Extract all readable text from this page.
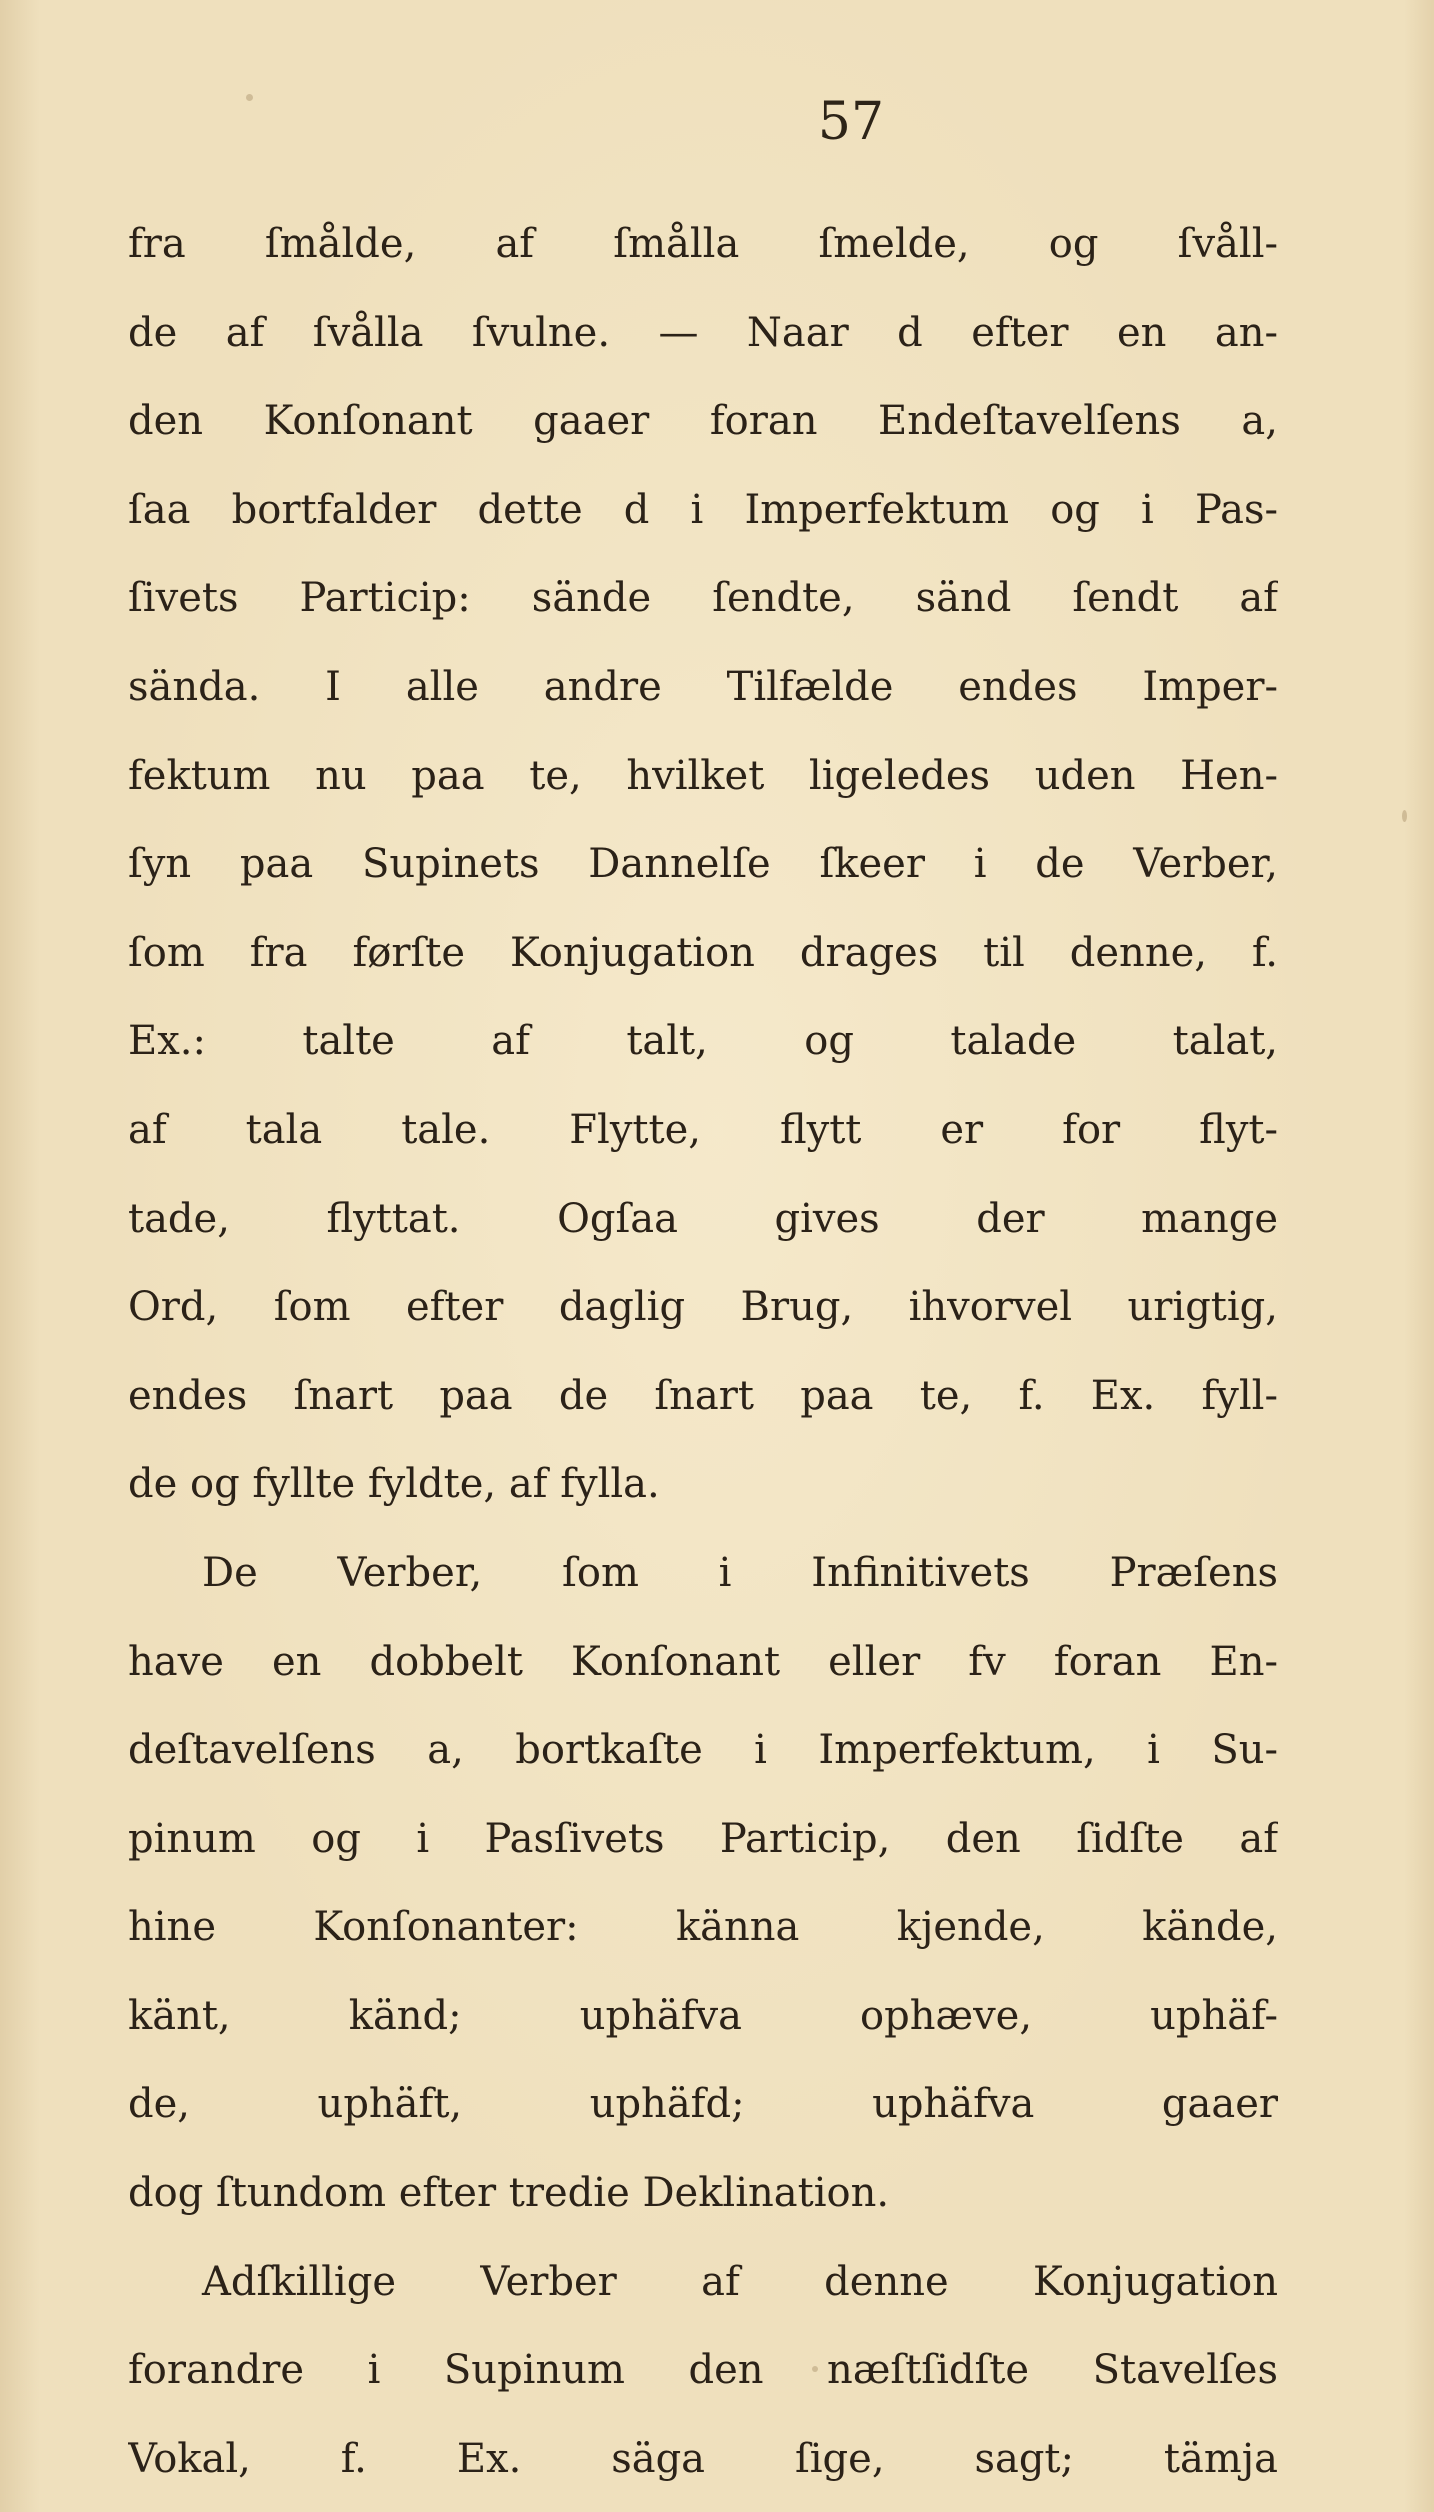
57
fra ſmålde, af ſmålla ſmelde, og ſvåll-
de af ſvålla ſvulne. — Naar d efter en an-
den Konſonant gaaer foran Endeſtavelſens a,
ſaa bortfalder dette d i Imperfektum og i Pas-
ſivets Particip: sände ſendte, sänd ſendt af
sända. I alle andre Tilfælde endes Imper-
fektum nu paa te, hvilket ligeledes uden Hen-
ſyn paa Supinets Dannelſe ſkeer i de Verber,
ſom fra førſte Konjugation drages til denne, f.
Ex.: talte af talt, og talade talat,
af tala tale. Flytte, flytt er for flyt-
tade, flyttat. Ogſaa gives der mange
Ord, ſom efter daglig Brug, ihvorvel urigtig,
endes ſnart paa de ſnart paa te, f. Ex. fyll-
de og fyllte fyldte, af fylla.
De Verber, ſom i Infinitivets Præſens
have en dobbelt Konſonant eller fv foran En-
deſtavelſens a, bortkaſte i Imperfektum, i Su-
pinum og i Pasſivets Particip, den ſidſte af
hine Konſonanter: känna kjende, kände,
känt, känd; uphäfva ophæve, uphäf-
de, uphäft, uphäfd; uphäfva gaaer
dog ſtundom efter tredie Deklination.
Adſkillige Verber af denne Konjugation
forandre i Supinum den næſtſidſte Stavelſes
Vokal, f. Ex. säga ſige, sagt; tämja
